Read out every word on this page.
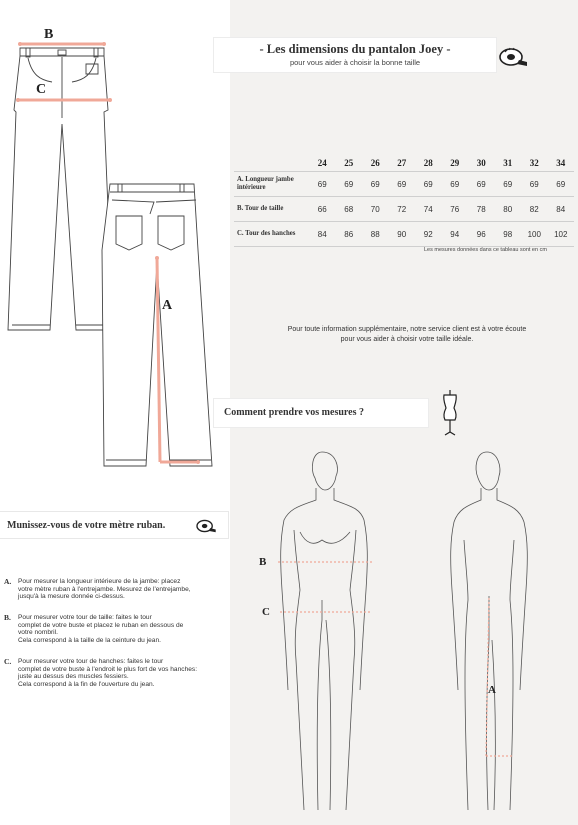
B
C
A
B
C
A
- Les dimensions du pantalon Joey -
pour vous aider à choisir la bonne taille
	24	25	26	27	28	29	30	31	32	34
A. Longueur jambe
intérieure	69	69	69	69	69	69	69	69	69	69
B. Tour de taille	66	68	70	72	74	76	78	80	82	84
C. Tour des hanches	84	86	88	90	92	94	96	98	100	102
Les mesures données dans ce tableau sont en cm
Pour toute information supplémentaire, notre service client est à votre écoute
pour vous aider à choisir votre taille idéale.
Comment prendre vos mesures ?
Munissez-vous de votre mètre ruban.
A. Pour mesurer la longueur intérieure de la jambe: placez
votre mètre ruban à l'entrejambe. Mesurez de l'entrejambe,
jusqu'à la mesure donnée ci-dessus.
B. Pour mesurer votre tour de taille: faites le tour
complet de votre buste et placez le ruban en dessous de
votre nombril.
Cela correspond à la taille de la ceinture du jean.
C. Pour mesurer votre tour de hanches: faites le tour
complet de votre buste à l'endroit le plus fort de vos hanches:
juste au dessus des muscles fessiers.
Cela correspond à la fin de l'ouverture du jean.
